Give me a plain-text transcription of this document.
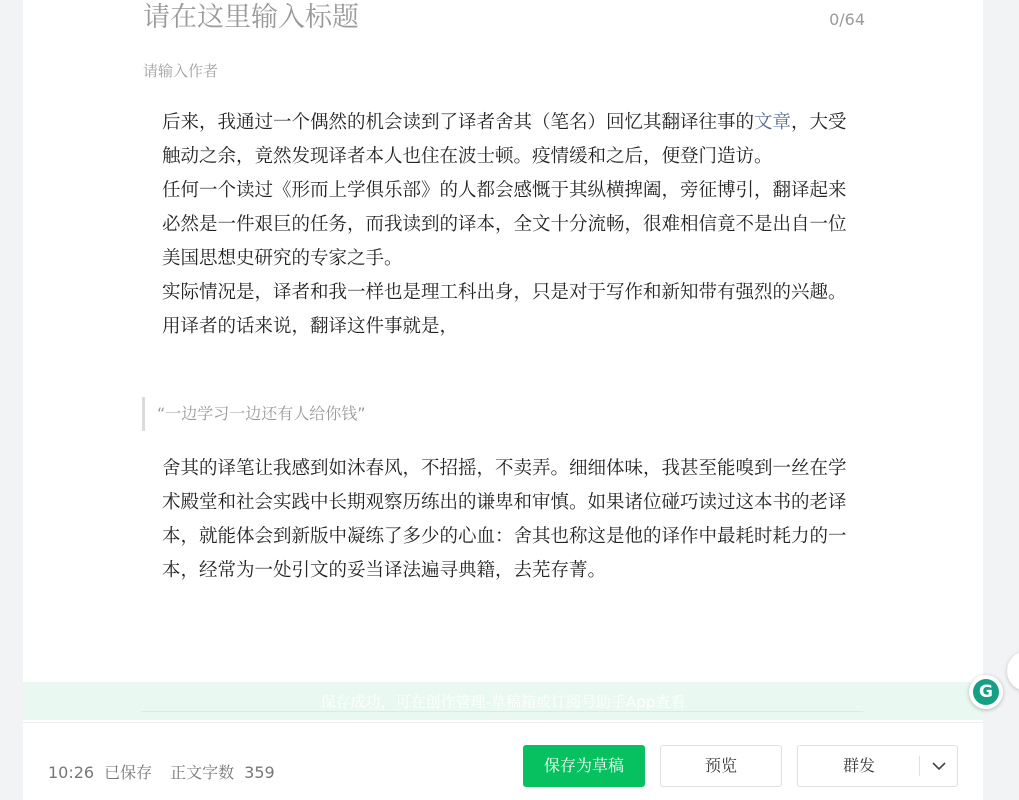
请在这里输入标题
0/64
请输入作者

后来，我通过一个偶然的机会读到了译者舍其（笔名）回忆其翻译往事的文章，大受触动之余，竟然发现译者本人也住在波士顿。疫情缓和之后，便登门造访。

任何一个读过《形而上学俱乐部》的人都会感慨于其纵横捭阖，旁征博引，翻译起来必然是一件艰巨的任务，而我读到的译本，全文十分流畅，很难相信竟不是出自一位美国思想史研究的专家之手。

实际情况是，译者和我一样也是理工科出身，只是对于写作和新知带有强烈的兴趣。用译者的话来说，翻译这件事就是，

“一边学习一边还有人给你钱”

舍其的译笔让我感到如沐春风，不招摇，不卖弄。细细体味，我甚至能嗅到一丝在学术殿堂和社会实践中长期观察历练出的谦卑和审慎。如果诸位碰巧读过这本书的老译本，就能体会到新版中凝练了多少的心血：舍其也称这是他的译作中最耗时耗力的一本，经常为一处引文的妥当译法遍寻典籍，去芜存菁。

保存成功，可在创作管理-草稿箱或订阅号助手App查看	G
10:26 已保存 正文字数 359	保存为草稿	预览	群发
